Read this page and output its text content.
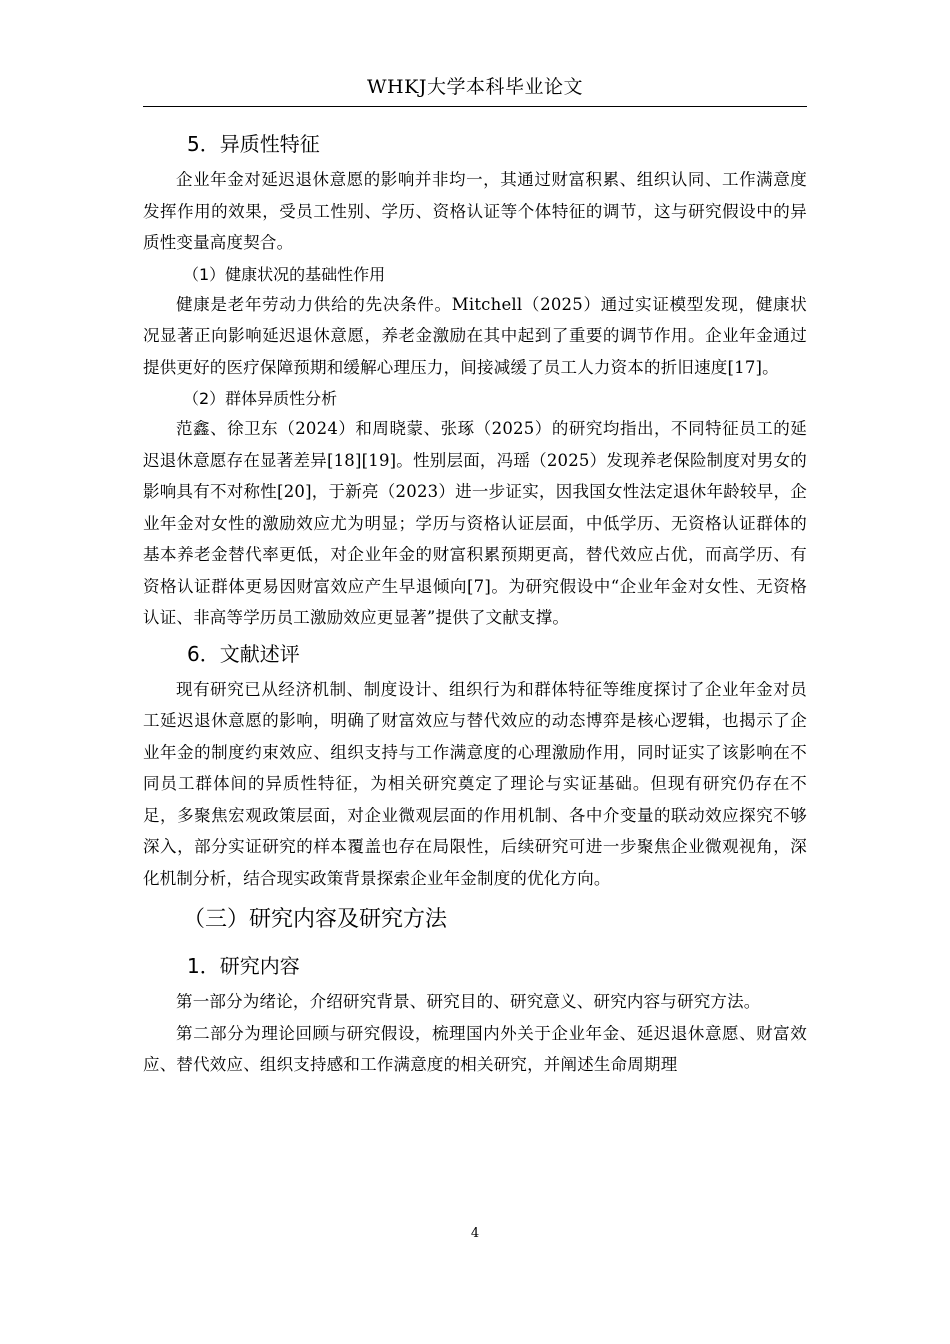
WHKJ大学本科毕业论文
5．异质性特征

企业年金对延迟退休意愿的影响并非均一，其通过财富积累、组织认同、工作满意度发挥作用的效果，受员工性别、学历、资格认证等个体特征的调节，这与研究假设中的异质性变量高度契合。

（1）健康状况的基础性作用

健康是老年劳动力供给的先决条件。Mitchell（2025）通过实证模型发现，健康状况显著正向影响延迟退休意愿，养老金激励在其中起到了重要的调节作用。企业年金通过提供更好的医疗保障预期和缓解心理压力，间接减缓了员工人力资本的折旧速度[17]。

（2）群体异质性分析

范鑫、徐卫东（2024）和周晓蒙、张琢（2025）的研究均指出，不同特征员工的延迟退休意愿存在显著差异[18][19]。性别层面，冯瑶（2025）发现养老保险制度对男女的影响具有不对称性[20]，于新亮（2023）进一步证实，因我国女性法定退休年龄较早，企业年金对女性的激励效应尤为明显；学历与资格认证层面，中低学历、无资格认证群体的基本养老金替代率更低，对企业年金的财富积累预期更高，替代效应占优，而高学历、有资格认证群体更易因财富效应产生早退倾向[7]。为研究假设中“企业年金对女性、无资格认证、非高等学历员工激励效应更显著”提供了文献支撑。

6．文献述评

现有研究已从经济机制、制度设计、组织行为和群体特征等维度探讨了企业年金对员工延迟退休意愿的影响，明确了财富效应与替代效应的动态博弈是核心逻辑，也揭示了企业年金的制度约束效应、组织支持与工作满意度的心理激励作用，同时证实了该影响在不同员工群体间的异质性特征，为相关研究奠定了理论与实证基础。但现有研究仍存在不足，多聚焦宏观政策层面，对企业微观层面的作用机制、各中介变量的联动效应探究不够深入，部分实证研究的样本覆盖也存在局限性，后续研究可进一步聚焦企业微观视角，深化机制分析，结合现实政策背景探索企业年金制度的优化方向。

（三）研究内容及研究方法
1．研究内容

第一部分为绪论，介绍研究背景、研究目的、研究意义、研究内容与研究方法。

第二部分为理论回顾与研究假设，梳理国内外关于企业年金、延迟退休意愿、财富效应、替代效应、组织支持感和工作满意度的相关研究，并阐述生命周期理

4
